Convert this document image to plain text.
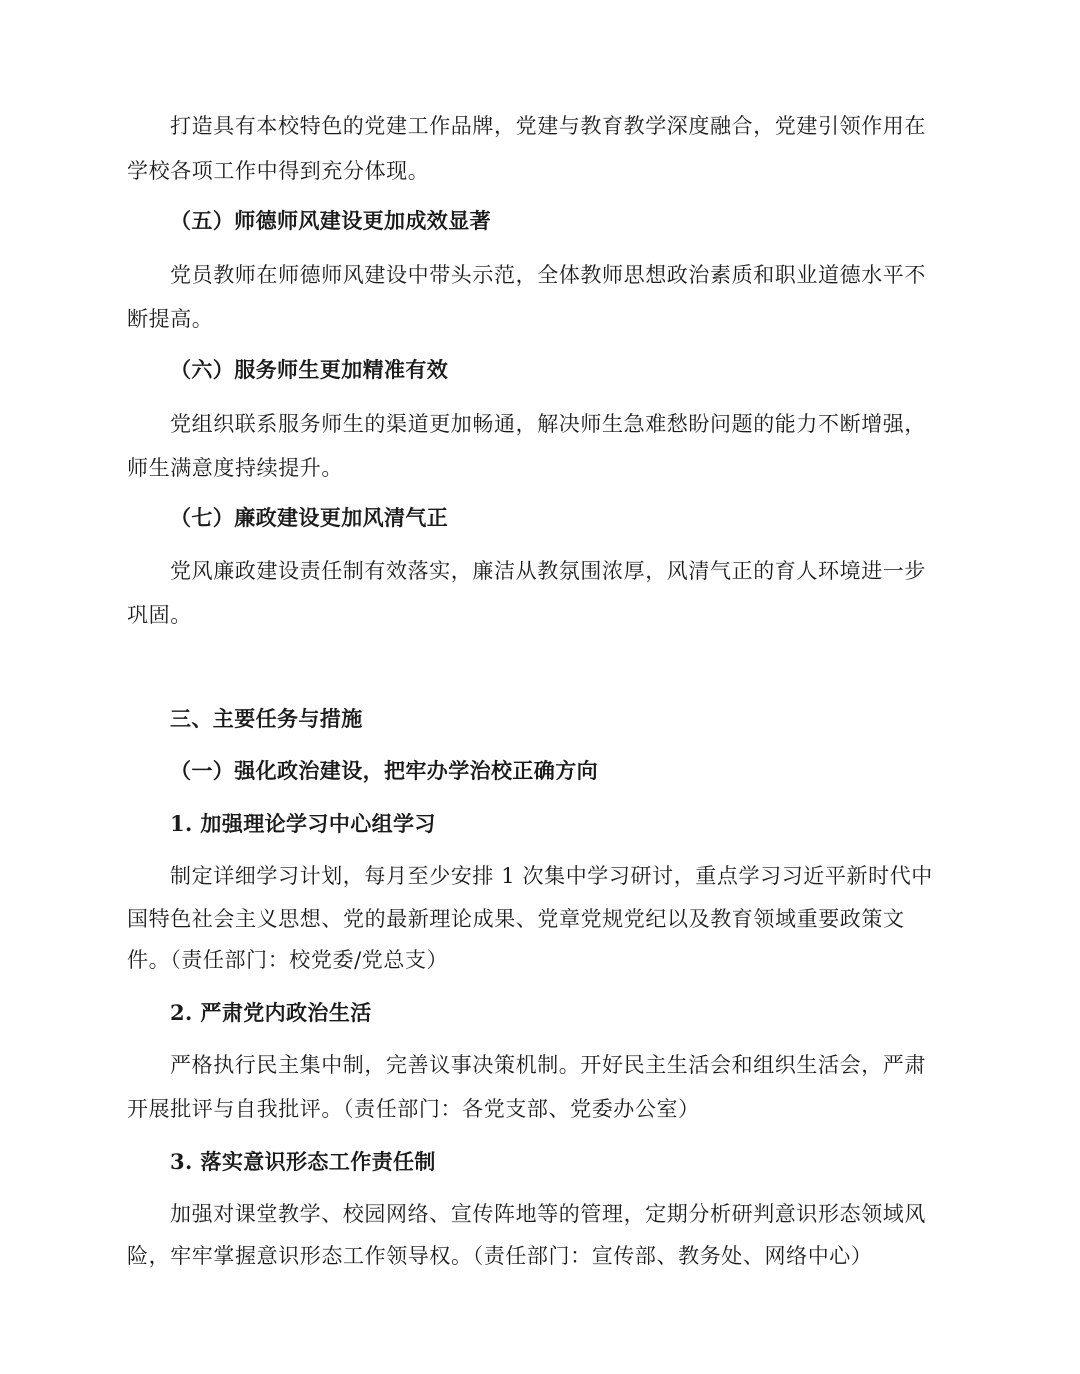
打造具有本校特色的党建工作品牌，党建与教育教学深度融合，党建引领作用在
学校各项工作中得到充分体现。
（五）师德师风建设更加成效显著
党员教师在师德师风建设中带头示范，全体教师思想政治素质和职业道德水平不
断提高。
（六）服务师生更加精准有效
党组织联系服务师生的渠道更加畅通，解决师生急难愁盼问题的能力不断增强，
师生满意度持续提升。
（七）廉政建设更加风清气正
党风廉政建设责任制有效落实，廉洁从教氛围浓厚，风清气正的育人环境进一步
巩固。
三、主要任务与措施
（一）强化政治建设，把牢办学治校正确方向
1. 加强理论学习中心组学习
制定详细学习计划，每月至少安排 1 次集中学习研讨，重点学习习近平新时代中
国特色社会主义思想、党的最新理论成果、党章党规党纪以及教育领域重要政策文
件。（责任部门：校党委/党总支）
2. 严肃党内政治生活
严格执行民主集中制，完善议事决策机制。开好民主生活会和组织生活会，严肃
开展批评与自我批评。（责任部门：各党支部、党委办公室）
3. 落实意识形态工作责任制
加强对课堂教学、校园网络、宣传阵地等的管理，定期分析研判意识形态领域风
险，牢牢掌握意识形态工作领导权。（责任部门：宣传部、教务处、网络中心）
